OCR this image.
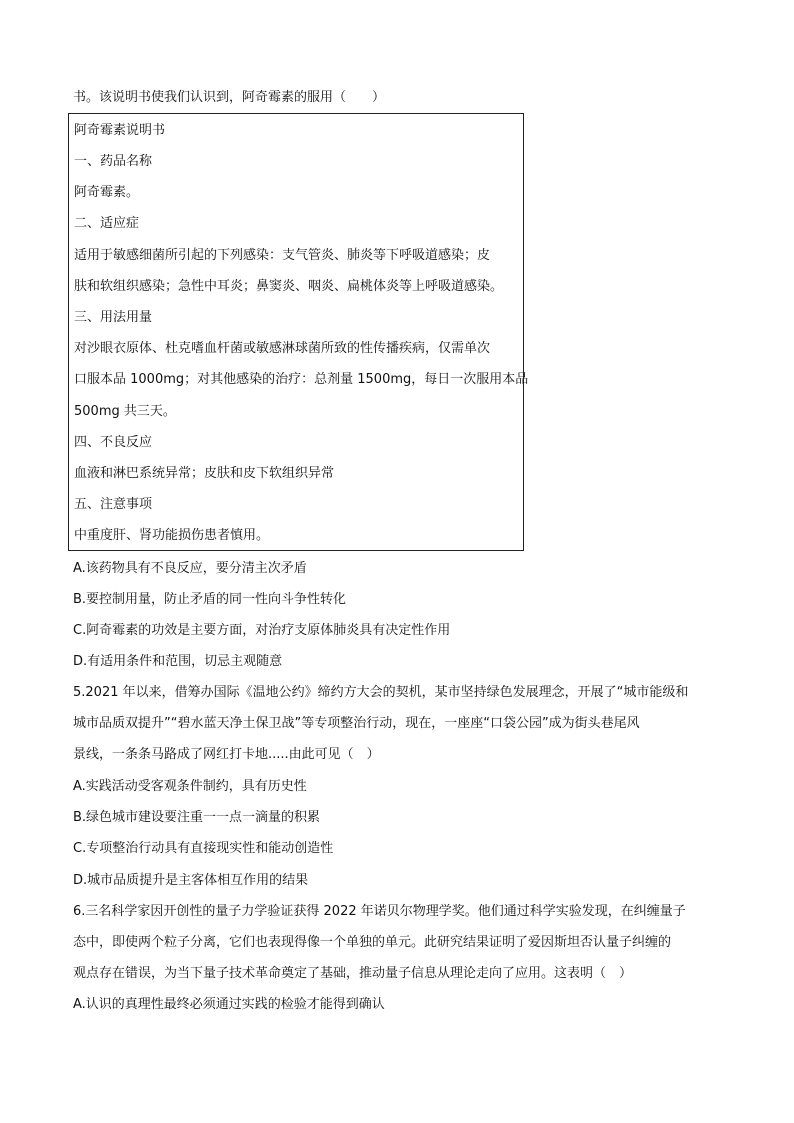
书。该说明书使我们认识到，阿奇霉素的服用（　　）
阿奇霉素说明书
一、药品名称
阿奇霉素。
二、适应症
适用于敏感细菌所引起的下列感染：支气管炎、肺炎等下呼吸道感染；皮
肤和软组织感染；急性中耳炎；鼻窦炎、咽炎、扁桃体炎等上呼吸道感染。
三、用法用量
对沙眼衣原体、杜克嗜血杆菌或敏感淋球菌所致的性传播疾病，仅需单次
口服本品 1000mg；对其他感染的治疗：总剂量 1500mg，每日一次服用本品
500mg 共三天。
四、不良反应
血液和淋巴系统异常；皮肤和皮下软组织异常
五、注意事项
中重度肝、肾功能损伤患者慎用。
A.该药物具有不良反应，要分清主次矛盾
B.要控制用量，防止矛盾的同一性向斗争性转化
C.阿奇霉素的功效是主要方面，对治疗支原体肺炎具有决定性作用
D.有适用条件和范围，切忌主观随意
5.2021 年以来，借筹办国际《温地公约》缔约方大会的契机，某市坚持绿色发展理念，开展了“城市能级和
城市品质双提升”“碧水蓝天净土保卫战”等专项整治行动，现在，一座座“口袋公园”成为街头巷尾风
景线，一条条马路成了网红打卡地.....由此可见（　）
A.实践活动受客观条件制约，具有历史性
B.绿色城市建设要注重一一点一滴量的积累
C.专项整治行动具有直接现实性和能动创造性
D.城市品质提升是主客体相互作用的结果
6.三名科学家因开创性的量子力学验证获得 2022 年诺贝尔物理学奖。他们通过科学实验发现，在纠缠量子
态中，即使两个粒子分离，它们也表现得像一个单独的单元。此研究结果证明了爱因斯坦否认量子纠缠的
观点存在错误，为当下量子技术革命奠定了基础，推动量子信息从理论走向了应用。这表明（　）
A.认识的真理性最终必须通过实践的检验才能得到确认
